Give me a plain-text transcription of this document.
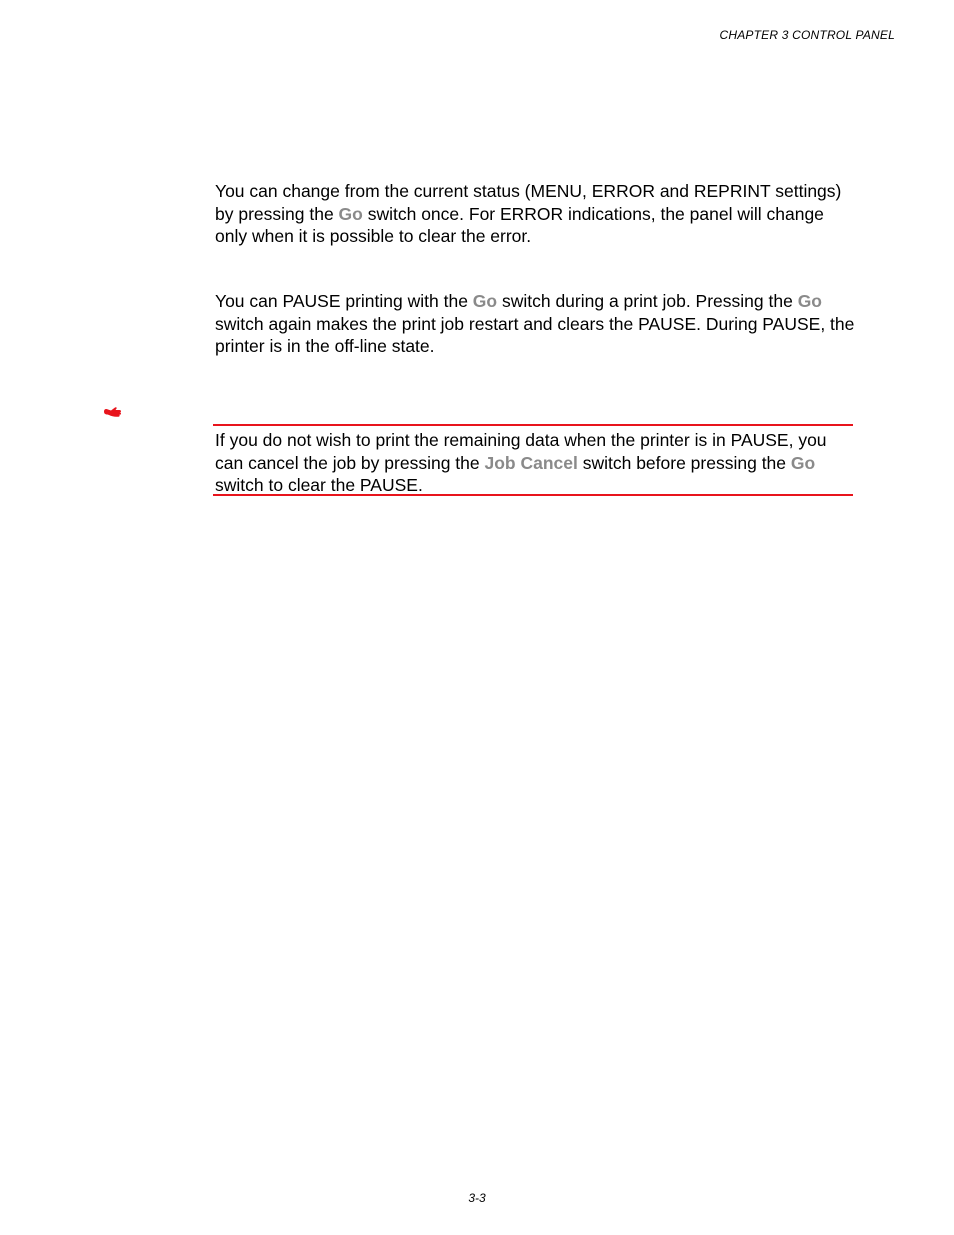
CHAPTER 3 CONTROL PANEL

You can change from the current status (MENU, ERROR and REPRINT settings) by pressing the Go switch once. For ERROR indications, the panel will change only when it is possible to clear the error.

You can PAUSE printing with the Go switch during a print job. Pressing the Go switch again makes the print job restart and clears the PAUSE. During PAUSE, the printer is in the off-line state.

If you do not wish to print the remaining data when the printer is in PAUSE, you can cancel the job by pressing the Job Cancel switch before pressing the Go switch to clear the PAUSE.

3-3
